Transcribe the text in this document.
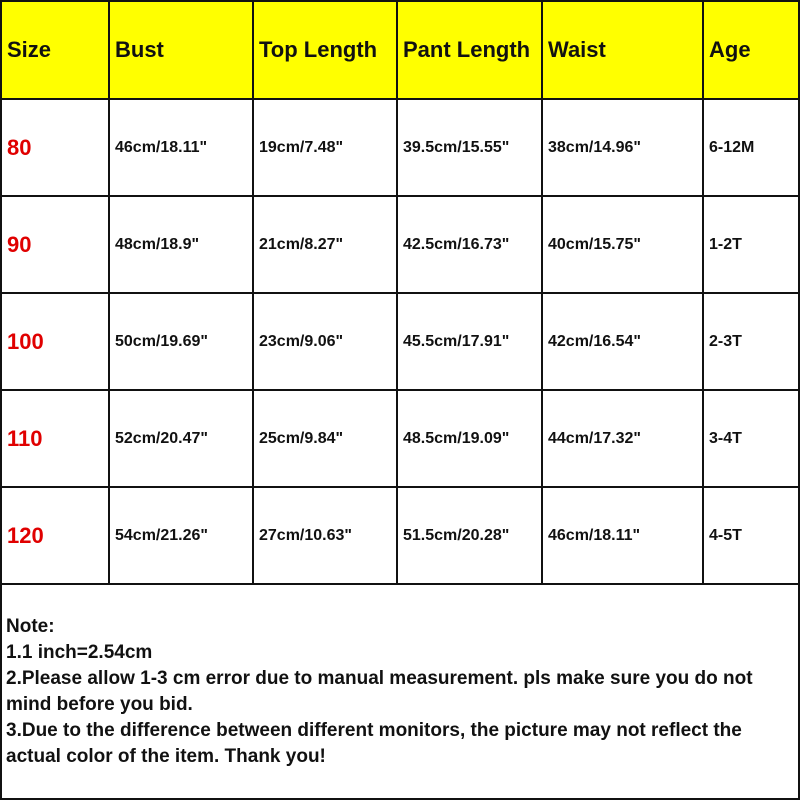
Size	Bust	Top Length	Pant Length	Waist	Age
80	46cm/18.11"	19cm/7.48"	39.5cm/15.55"	38cm/14.96"	6-12M
90	48cm/18.9"	21cm/8.27"	42.5cm/16.73"	40cm/15.75"	1-2T
100	50cm/19.69"	23cm/9.06"	45.5cm/17.91"	42cm/16.54"	2-3T
110	52cm/20.47"	25cm/9.84"	48.5cm/19.09"	44cm/17.32"	3-4T
120	54cm/21.26"	27cm/10.63"	51.5cm/20.28"	46cm/18.11"	4-5T
Note:
1.1 inch=2.54cm
2.Please allow 1-3 cm error due to manual measurement. pls make sure you do not mind before you bid.
3.Due to the difference between different monitors, the picture may not reflect the actual color of the item. Thank you!
